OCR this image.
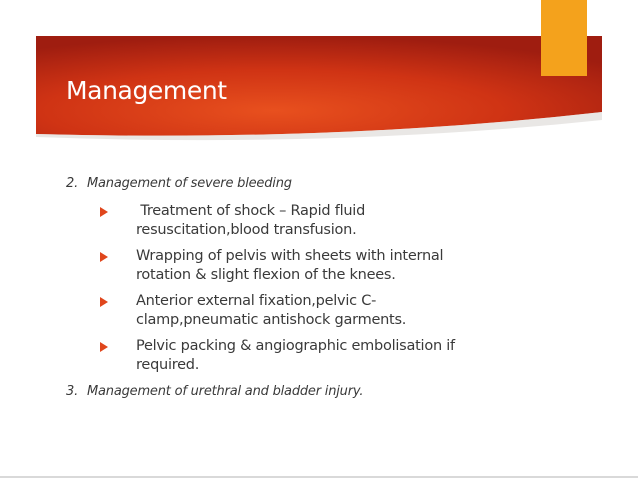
Management

2. Management of severe bleeding

Treatment of shock – Rapid fluid
resuscitation,blood transfusion.
Wrapping of pelvis with sheets with internal
rotation & slight flexion of the knees.
Anterior external fixation,pelvic C-
clamp,pneumatic antishock garments.
Pelvic packing & angiographic embolisation if
required.

3. Management of urethral and bladder injury.
